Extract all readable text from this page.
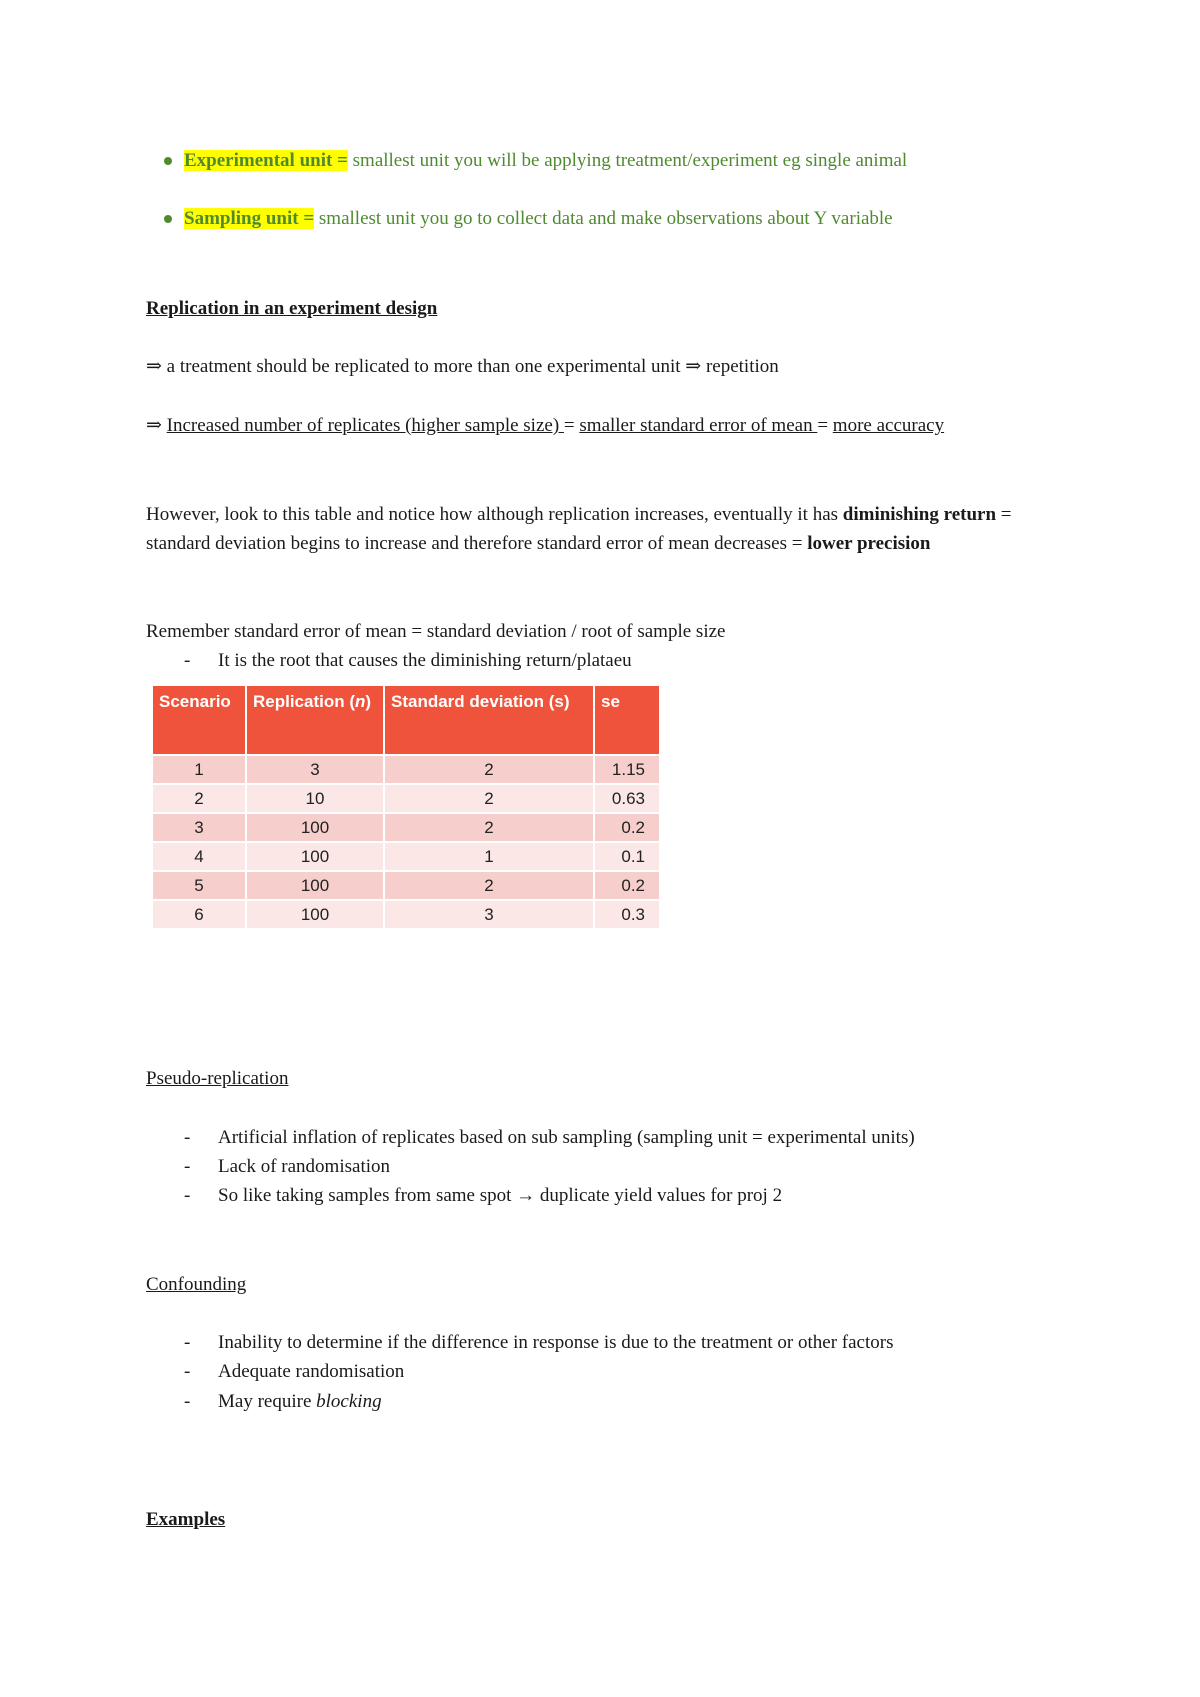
Experimental unit = smallest unit you will be applying treatment/experiment eg single animal
Sampling unit = smallest unit you go to collect data and make observations about Y variable
Replication in an experiment design
⇒ a treatment should be replicated to more than one experimental unit ⇒ repetition
⇒ Increased number of replicates (higher sample size) = smaller standard error of mean = more accuracy
However, look to this table and notice how although replication increases, eventually it has diminishing return = standard deviation begins to increase and therefore standard error of mean decreases = lower precision
Remember standard error of mean = standard deviation / root of sample size
- It is the root that causes the diminishing return/plataeu
Scenario	Replication (n)	Standard deviation (s)	se
1	3	2	1.15
2	10	2	0.63
3	100	2	0.2
4	100	1	0.1
5	100	2	0.2
6	100	3	0.3
Pseudo-replication
- Artificial inflation of replicates based on sub sampling (sampling unit = experimental units)
- Lack of randomisation
- So like taking samples from same spot → duplicate yield values for proj 2
Confounding
- Inability to determine if the difference in response is due to the treatment or other factors
- Adequate randomisation
- May require blocking
Examples
